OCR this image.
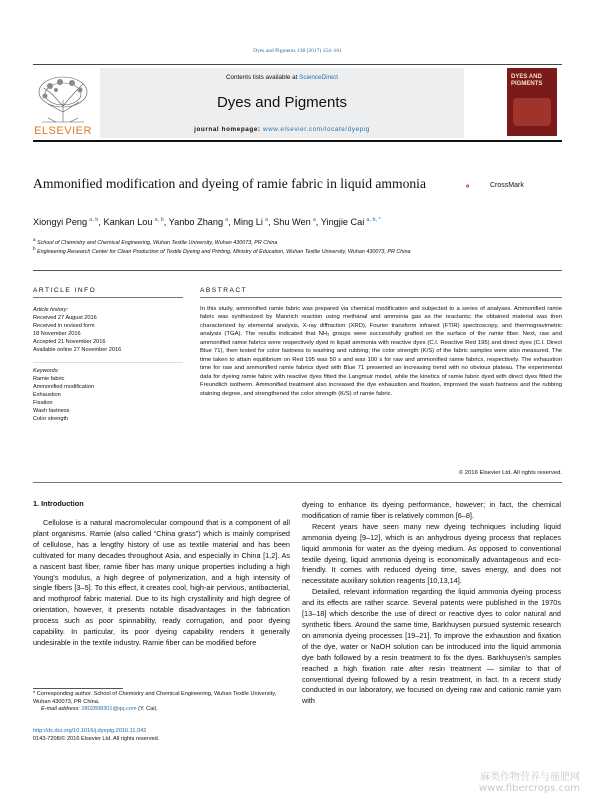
Dyes and Pigments 138 (2017) 154–161
ELSEVIER
Contents lists available at ScienceDirect
Dyes and Pigments
journal homepage: www.elsevier.com/locate/dyepig
DYES AND PIGMENTS
Ammonified modification and dyeing of ramie fabric in liquid ammonia	CrossMark
Xiongyi Peng $^{a, b}$, Kankan Lou $^{a, b}$, Yanbo Zhang $^a$, Ming Li $^a$, Shu Wen $^a$, Yingjie Cai $^{a, b, *}$
$^a$ School of Chemistry and Chemical Engineering, Wuhan Textile University, Wuhan 430073, PR China
$^b$ Engineering Research Center for Clean Production of Textile Dyeing and Printing, Ministry of Education, Wuhan Textile University, Wuhan 430073, PR China
ARTICLE INFO
Article history:
Received 27 August 2016
Received in revised form
18 November 2016
Accepted 21 November 2016
Available online 27 November 2016
Keywords:
Ramie fabric
Ammonified modification
Exhaustion
Fixation
Wash fastness
Color strength
ABSTRACT
In this study, ammonified ramie fabric was prepared via chemical modification and subjected to a series of analyses. Ammonified ramie fabric was synthesized by Mannich reaction using methanal and ammonia gas as the reactants; the obtained material was then characterized by elemental analysis, X-ray diffraction (XRD), Fourier transform infrared (FTIR) spectroscopy, and thermogravimetric analysis (TGA). The results indicated that NH₂ groups were successfully grafted on the surface of the ramie fiber. Next, raw and ammonified ramie fabrics were respectively dyed in liquid ammonia with reactive dyes (C.I. Reactive Red 195) and direct dyes (C.I. Direct Blue 71), then tested for color fastness to washing and rubbing; the color strength (K/S) of the fabric samples were also measured. The time taken to attain equilibrium on Red 195 was 50 s and was 100 s for raw and ammonified ramie fabrics, respectively. The exhaustion time for raw and ammonified ramie fabrics dyed with Blue 71 presented an increasing trend with no obvious plateau. The experimental data for dyeing ramie fabric with reactive dyes fitted the Langmuir model, while the kinetics of ramie fabric dyed with direct dyes fitted the Freundlich isotherm. Ammonified treatment also increased the dye exhaustion and fixation, improved the wash fastness and the rubbing staining degree, and strengthened the color strength (K/S) of ramie fabric.
© 2016 Elsevier Ltd. All rights reserved.
1. Introduction

Cellulose is a natural macromolecular compound that is a component of all plant organisms. Ramie (also called “China grass”) which is mainly comprised of cellulose, has a lengthy history of use as textile material and has been cultivated for many decades throughout Asia, and especially in China [1,2]. As a nascent bast fiber, ramie fiber has many unique properties including a high Young's modulus, a high degree of polymerization, and a high intensity of single fibers [3–5]. To this effect, it creates cool, high-air pervious, antibacterial, and mothproof fabric material. Due to its high crystallinity and high degree of orientation, however, it presents notable disadvantages in the fabrication process such as poor spinnability, ready corrugation, and poor dyeing capability. In particular, its poor dyeing capability renders it generally undesirable in the textile industry. Ramie fiber can be modified before

dyeing to enhance its dyeing performance, however; in fact, the chemical modification of ramie fiber is relatively common [6–8].

Recent years have seen many new dyeing techniques including liquid ammonia dyeing [9–12], which is an anhydrous dyeing process that replaces liquid ammonia for water as the dyeing medium. As opposed to conventional textile dyeing, liquid ammonia dyeing is economically advantageous and eco-friendly. It comes with reduced dyeing time, saves energy, and does not necessitate auxiliary solution reagents [10,13,14].

Detailed, relevant information regarding the liquid ammonia dyeing process and its effects are rather scarce. Several patents were published in the 1970s [13–18] which describe the use of direct or reactive dyes to color natural and synthetic fibers. Around the same time, Barkhuysen pursued systemic research on ammonia dyeing processes [19–21]. To improve the exhaustion and fixation of the dye, water or NaOH solution can be introduced into the liquid ammonia dye bath followed by a resin treatment to fix the dyes. Barkhuysen's samples reached a high fixation rate after resin treatment — similar to that of conventional dyeing followed by a resin treatment, in fact. In a recent study conducted in our laboratory, we focused on dyeing raw and cationic ramie yarn with

* Corresponding author. School of Chemistry and Chemical Engineering, Wuhan Textile University, Wuhan 430073, PR China.
E-mail address: 2802898301@qq.com (Y. Cai).
http://dx.doi.org/10.1016/j.dyepig.2016.11.042
0143-7208/© 2016 Elsevier Ltd. All rights reserved.
麻类作物营养与施肥网 www.fibercrops.com
